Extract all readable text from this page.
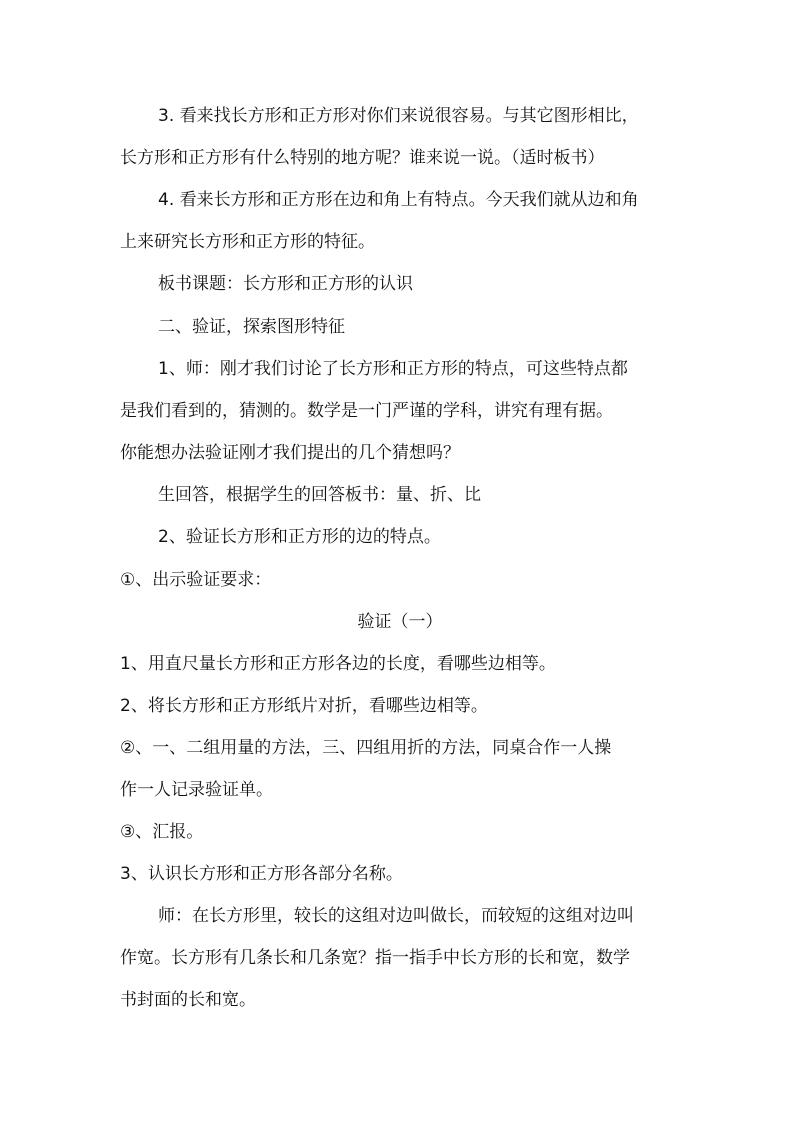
3. 看来找长方形和正方形对你们来说很容易。与其它图形相比，

长方形和正方形有什么特别的地方呢？谁来说一说。（适时板书）

4. 看来长方形和正方形在边和角上有特点。今天我们就从边和角

上来研究长方形和正方形的特征。

板书课题：长方形和正方形的认识

二、验证，探索图形特征

1、师：刚才我们讨论了长方形和正方形的特点，可这些特点都

是我们看到的，猜测的。数学是一门严谨的学科，讲究有理有据。

你能想办法验证刚才我们提出的几个猜想吗？

生回答，根据学生的回答板书：量、折、比

2、验证长方形和正方形的边的特点。

①、出示验证要求：

验证（一）

1、用直尺量长方形和正方形各边的长度，看哪些边相等。

2、将长方形和正方形纸片对折，看哪些边相等。

②、一、二组用量的方法，三、四组用折的方法，同桌合作一人操

作一人记录验证单。

③、汇报。

3、认识长方形和正方形各部分名称。

师：在长方形里，较长的这组对边叫做长，而较短的这组对边叫

作宽。长方形有几条长和几条宽？指一指手中长方形的长和宽，数学

书封面的长和宽。
